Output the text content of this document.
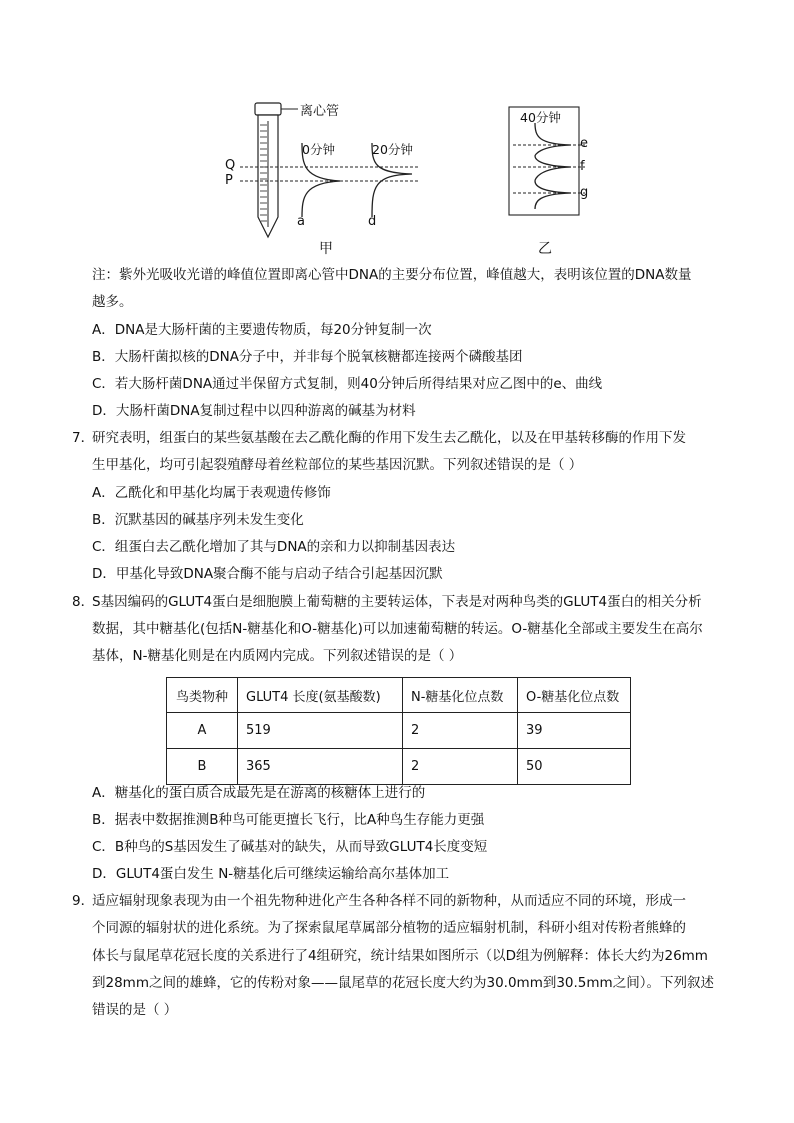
离心管
Q
P
0分钟	20分钟
a	d
甲
40分钟
e
f
g
乙
注：紫外光吸收光谱的峰值位置即离心管中DNA的主要分布位置，峰值越大，表明该位置的DNA数量
越多。
A．DNA是大肠杆菌的主要遗传物质，每20分钟复制一次
B．大肠杆菌拟核的DNA分子中，并非每个脱氧核糖都连接两个磷酸基团
C．若大肠杆菌DNA通过半保留方式复制，则40分钟后所得结果对应乙图中的e、曲线
D．大肠杆菌DNA复制过程中以四种游离的碱基为材料
7．
研究表明，组蛋白的某些氨基酸在去乙酰化酶的作用下发生去乙酰化，以及在甲基转移酶的作用下发
生甲基化，均可引起裂殖酵母着丝粒部位的某些基因沉默。下列叙述错误的是（ ）
A．乙酰化和甲基化均属于表观遗传修饰
B．沉默基因的碱基序列未发生变化
C．组蛋白去乙酰化增加了其与DNA的亲和力以抑制基因表达
D．甲基化导致DNA聚合酶不能与启动子结合引起基因沉默
8．
S基因编码的GLUT4蛋白是细胞膜上葡萄糖的主要转运体，下表是对两种鸟类的GLUT4蛋白的相关分析
数据，其中糖基化(包括N-糖基化和O-糖基化)可以加速葡萄糖的转运。O-糖基化全部或主要发生在高尔
基体，N-糖基化则是在内质网内完成。下列叙述错误的是（ ）
鸟类物种	GLUT4 长度(氨基酸数)	N-糖基化位点数	O-糖基化位点数
A	519	2	39
B	365	2	50
A．糖基化的蛋白质合成最先是在游离的核糖体上进行的
B．据表中数据推测B种鸟可能更擅长飞行，比A种鸟生存能力更强
C．B种鸟的S基因发生了碱基对的缺失，从而导致GLUT4长度变短
D．GLUT4蛋白发生 N-糖基化后可继续运输给高尔基体加工
9．
适应辐射现象表现为由一个祖先物种进化产生各种各样不同的新物种，从而适应不同的环境，形成一
个同源的辐射状的进化系统。为了探索鼠尾草属部分植物的适应辐射机制，科研小组对传粉者熊蜂的
体长与鼠尾草花冠长度的关系进行了4组研究，统计结果如图所示（以D组为例解释：体长大约为26mm
到28mm之间的雄蜂，它的传粉对象——鼠尾草的花冠长度大约为30.0mm到30.5mm之间）。下列叙述
错误的是（ ）
